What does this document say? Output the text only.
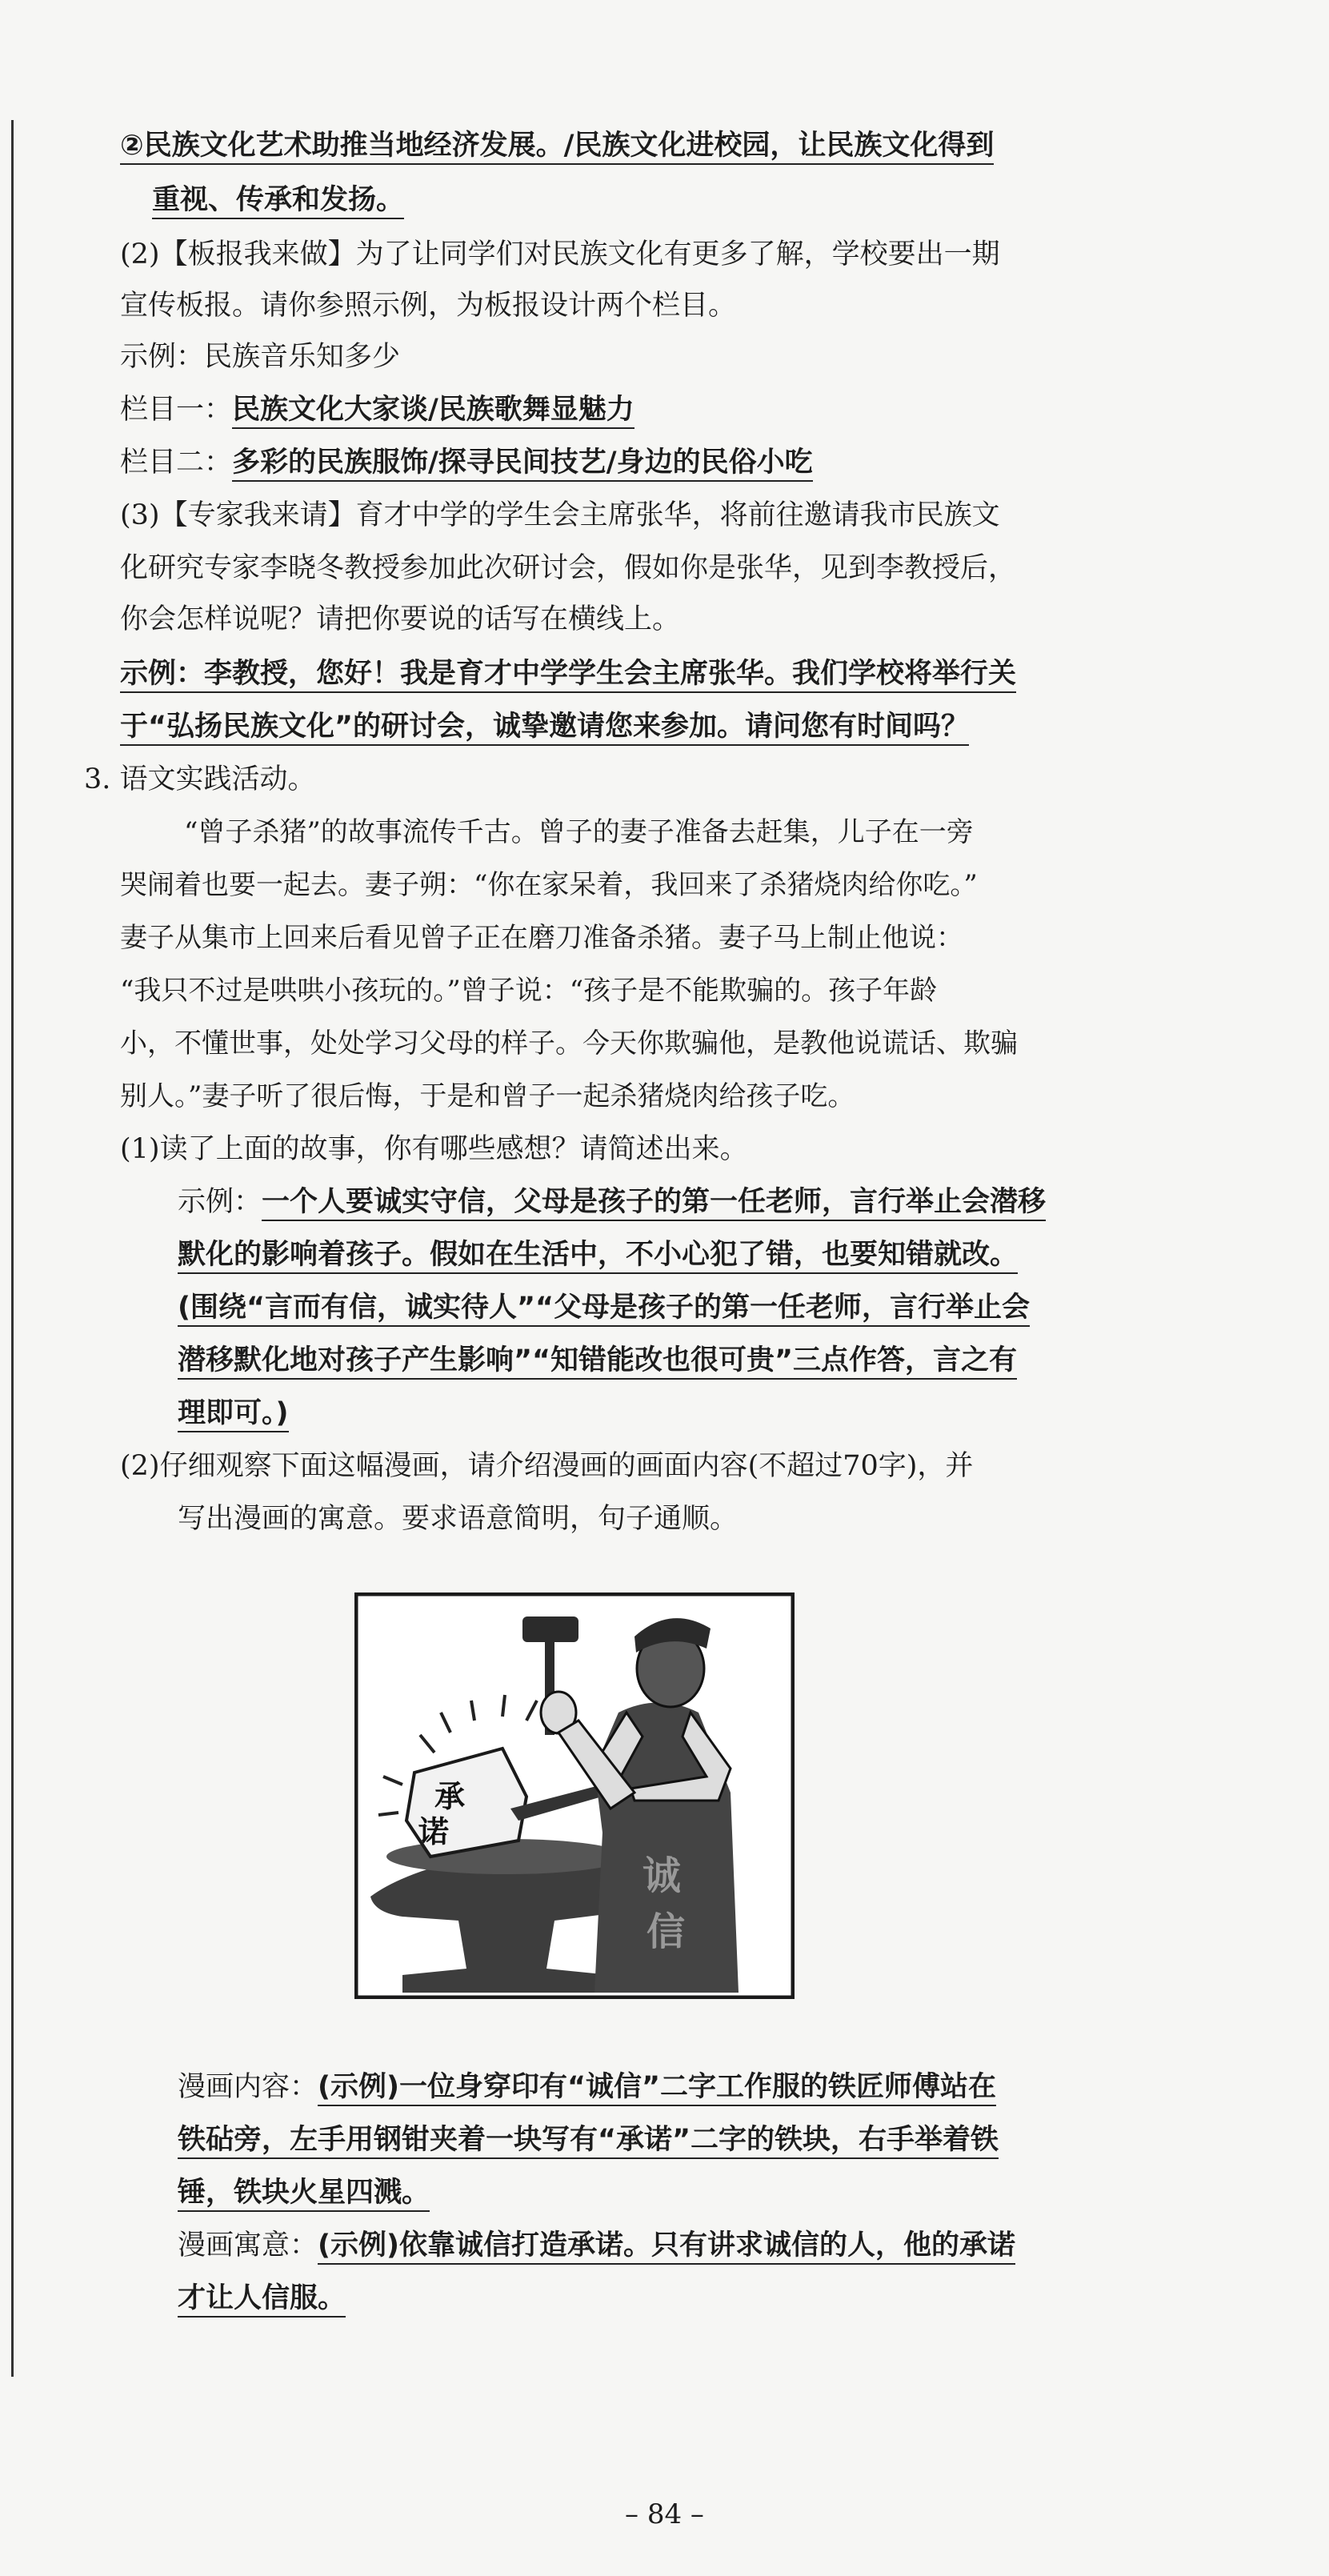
②民族文化艺术助推当地经济发展。/民族文化进校园，让民族文化得到
重视、传承和发扬。
(2)【板报我来做】为了让同学们对民族文化有更多了解，学校要出一期
宣传板报。请你参照示例，为板报设计两个栏目。
示例：民族音乐知多少
栏目一：民族文化大家谈/民族歌舞显魅力
栏目二：多彩的民族服饰/探寻民间技艺/身边的民俗小吃
(3)【专家我来请】育才中学的学生会主席张华，将前往邀请我市民族文
化研究专家李晓冬教授参加此次研讨会，假如你是张华，见到李教授后，
你会怎样说呢？请把你要说的话写在横线上。
示例：李教授，您好！我是育才中学学生会主席张华。我们学校将举行关
于“弘扬民族文化”的研讨会，诚挚邀请您来参加。请问您有时间吗？
3. 语文实践活动。
“曾子杀猪”的故事流传千古。曾子的妻子准备去赶集，儿子在一旁
哭闹着也要一起去。妻子朔：“你在家呆着，我回来了杀猪烧肉给你吃。”
妻子从集市上回来后看见曾子正在磨刀准备杀猪。妻子马上制止他说：
“我只不过是哄哄小孩玩的。”曾子说：“孩子是不能欺骗的。孩子年龄
小，不懂世事，处处学习父母的样子。今天你欺骗他，是教他说谎话、欺骗
别人。”妻子听了很后悔，于是和曾子一起杀猪烧肉给孩子吃。
(1)读了上面的故事，你有哪些感想？请简述出来。
示例：一个人要诚实守信，父母是孩子的第一任老师，言行举止会潜移
默化的影响着孩子。假如在生活中，不小心犯了错，也要知错就改。
(围绕“言而有信，诚实待人”“父母是孩子的第一任老师，言行举止会
潜移默化地对孩子产生影响”“知错能改也很可贵”三点作答，言之有
理即可。)
(2)仔细观察下面这幅漫画，请介绍漫画的画面内容(不超过70字)，并
写出漫画的寓意。要求语意简明，句子通顺。
承
诺
诚
信
漫画内容：(示例)一位身穿印有“诚信”二字工作服的铁匠师傅站在
铁砧旁，左手用钢钳夹着一块写有“承诺”二字的铁块，右手举着铁
锤，铁块火星四溅。
漫画寓意：(示例)依靠诚信打造承诺。只有讲求诚信的人，他的承诺
才让人信服。
– 84 –
